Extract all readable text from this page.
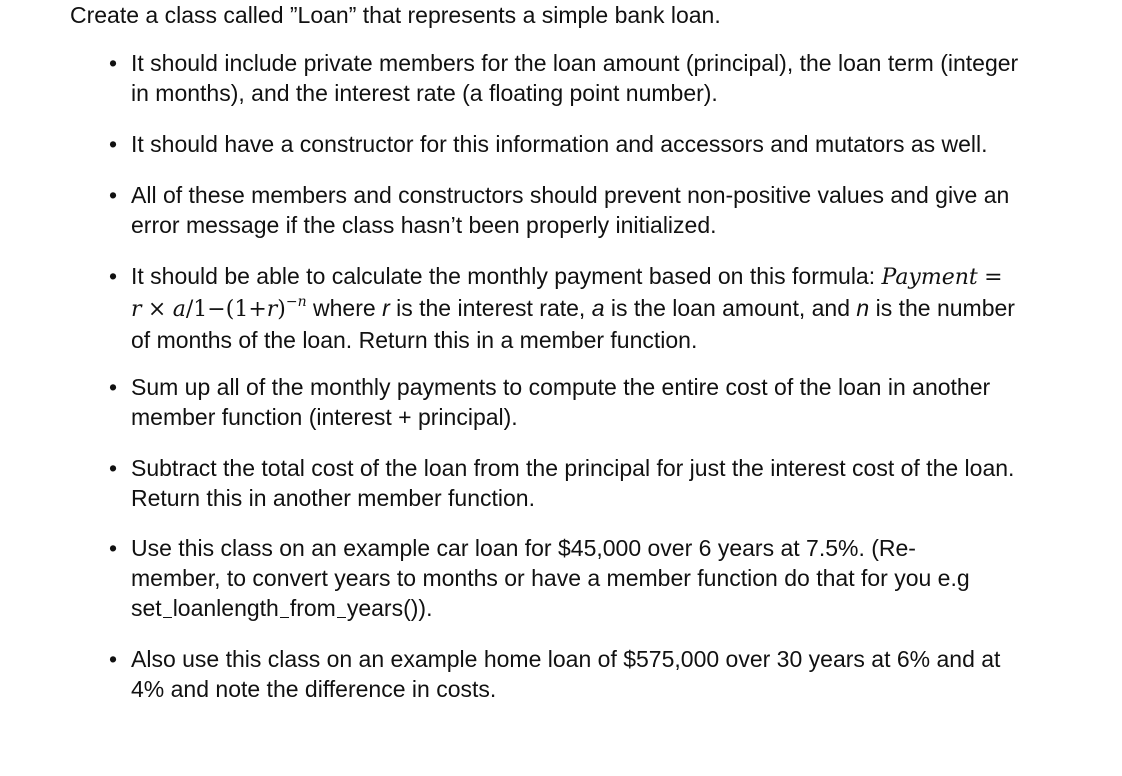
Create a class called ”Loan” that represents a simple bank loan.

• It should include private members for the loan amount (principal), the loan term (integer
in months), and the interest rate (a floating point number).
• It should have a constructor for this information and accessors and mutators as well.
• All of these members and constructors should prevent non-positive values and give an
error message if the class hasn’t been properly initialized.
• It should be able to calculate the monthly payment based on this formula: Payment =
$r \times a/1-(1+r)^{-n}$ where r is the interest rate, a is the loan amount, and n is the number
of months of the loan. Return this in a member function.
• Sum up all of the monthly payments to compute the entire cost of the loan in another
member function (interest + principal).
• Subtract the total cost of the loan from the principal for just the interest cost of the loan.
Return this in another member function.
• Use this class on an example car loan for $45,000 over 6 years at 7.5%. (Re-
member, to convert years to months or have a member function do that for you e.g
set loanlength from years()).
• Also use this class on an example home loan of $575,000 over 30 years at 6% and at
4% and note the difference in costs.
